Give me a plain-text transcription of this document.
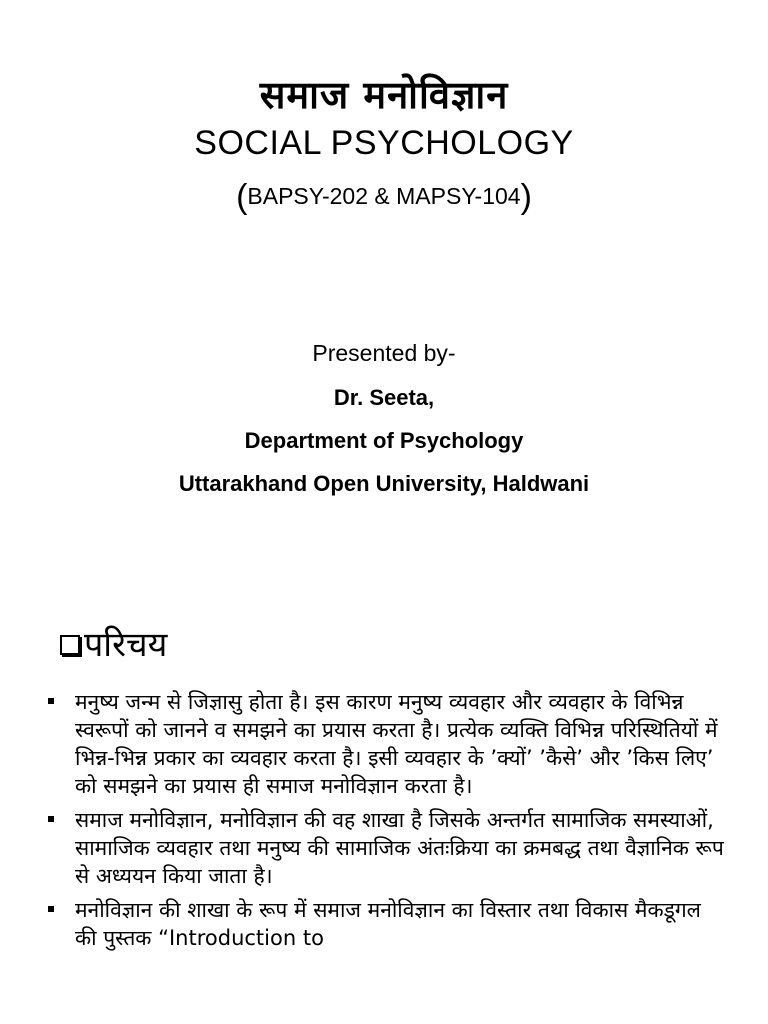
समाज मनोविज्ञान
SOCIAL PSYCHOLOGY
(BAPSY-202 & MAPSY-104)
Presented by-
Dr. Seeta,
Department of Psychology
Uttarakhand Open University, Haldwani
परिचय
मनुष्य जन्म से जिज्ञासु होता है। इस कारण मनुष्य व्यवहार और व्यवहार के विभिन्न स्वरूपों को जानने व समझने का प्रयास करता है। प्रत्येक व्यक्ति विभिन्न परिस्थितियों में भिन्न-भिन्न प्रकार का व्यवहार करता है। इसी व्यवहार के ’क्यों’ ’कैसे’ और ’किस लिए’ को समझने का प्रयास ही समाज मनोविज्ञान करता है।
समाज मनोविज्ञान, मनोविज्ञान की वह शाखा है जिसके अन्तर्गत सामाजिक समस्याओं, सामाजिक व्यवहार तथा मनुष्य की सामाजिक अंतःक्रिया का क्रमबद्ध तथा वैज्ञानिक रूप से अध्ययन किया जाता है।
मनोविज्ञान की शाखा के रूप में समाज मनोविज्ञान का विस्तार तथा विकास मैकडूगल की पुस्तक “Introduction to
